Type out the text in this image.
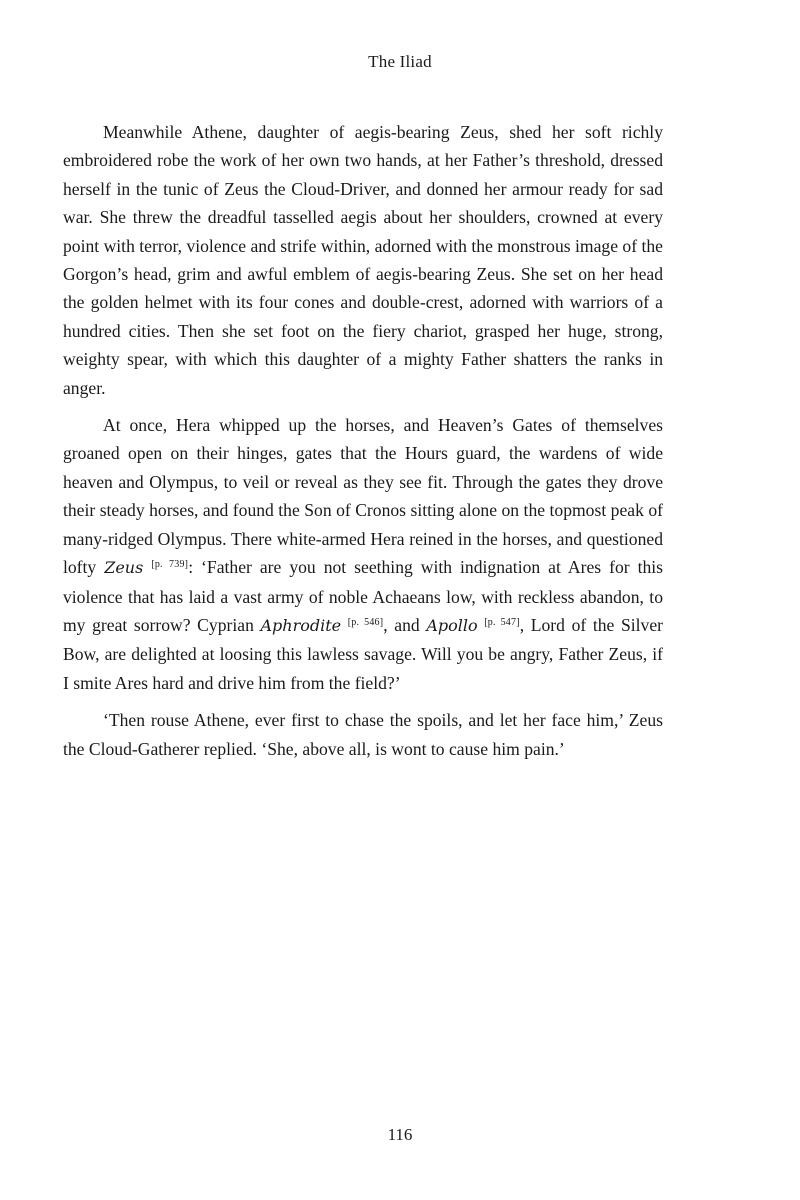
The Iliad

Meanwhile Athene, daughter of aegis-bearing Zeus, shed her soft richly embroidered robe the work of her own two hands, at her Father’s threshold, dressed herself in the tunic of Zeus the Cloud-Driver, and donned her armour ready for sad war. She threw the dreadful tasselled aegis about her shoulders, crowned at every point with terror, violence and strife within, adorned with the monstrous image of the Gorgon’s head, grim and awful emblem of aegis-bearing Zeus. She set on her head the golden helmet with its four cones and double-crest, adorned with warriors of a hundred cities. Then she set foot on the fiery chariot, grasped her huge, strong, weighty spear, with which this daughter of a mighty Father shatters the ranks in anger.

At once, Hera whipped up the horses, and Heaven’s Gates of themselves groaned open on their hinges, gates that the Hours guard, the wardens of wide heaven and Olympus, to veil or reveal as they see fit. Through the gates they drove their steady horses, and found the Son of Cronos sitting alone on the topmost peak of many-ridged Olympus. There white-armed Hera reined in the horses, and questioned lofty Zeus [p. 739]: ‘Father are you not seething with indignation at Ares for this violence that has laid a vast army of noble Achaeans low, with reckless abandon, to my great sorrow? Cyprian Aphrodite [p. 546], and Apollo [p. 547], Lord of the Silver Bow, are delighted at loosing this lawless savage. Will you be angry, Father Zeus, if I smite Ares hard and drive him from the field?’

‘Then rouse Athene, ever first to chase the spoils, and let her face him,’ Zeus the Cloud-Gatherer replied. ‘She, above all, is wont to cause him pain.’

116
